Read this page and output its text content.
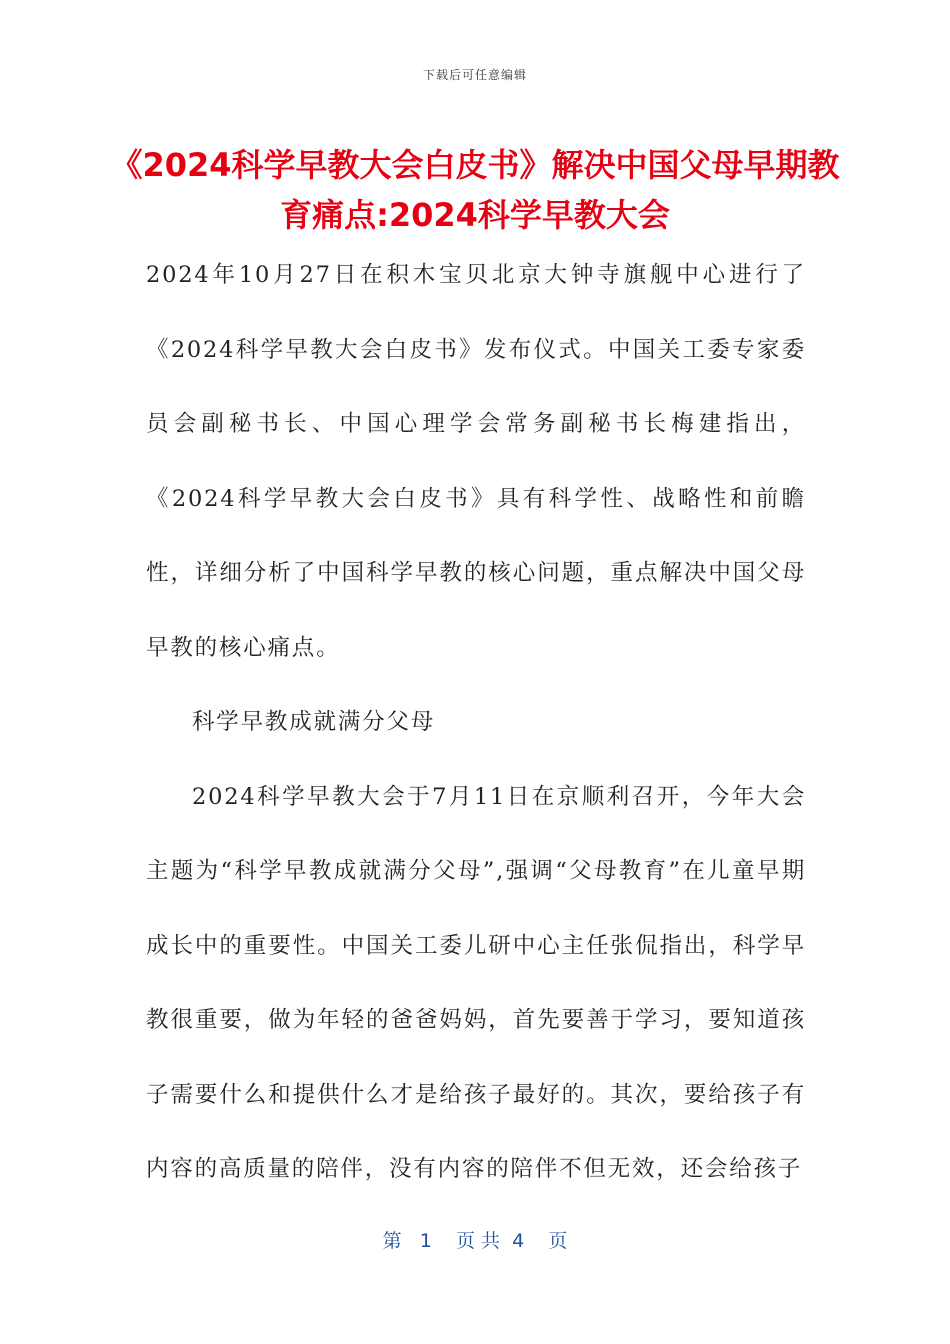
下载后可任意编辑
《2024科学早教大会白皮书》解决中国父母早期教育痛点:2024科学早教大会

2024年10月27日在积木宝贝北京大钟寺旗舰中心进行了《2024科学早教大会白皮书》发布仪式。中国关工委专家委员会副秘书长、中国心理学会常务副秘书长梅建指出，《2024科学早教大会白皮书》具有科学性、战略性和前瞻性，详细分析了中国科学早教的核心问题，重点解决中国父母早教的核心痛点。

科学早教成就满分父母

2024科学早教大会于7月11日在京顺利召开，今年大会主题为“科学早教成就满分父母”,强调“父母教育”在儿童早期成长中的重要性。中国关工委儿研中心主任张侃指出，科学早教很重要，做为年轻的爸爸妈妈，首先要善于学习，要知道孩子需要什么和提供什么才是给孩子最好的。其次，要给孩子有内容的高质量的陪伴，没有内容的陪伴不但无效，还会给孩子

第 1 页 共 4 页
